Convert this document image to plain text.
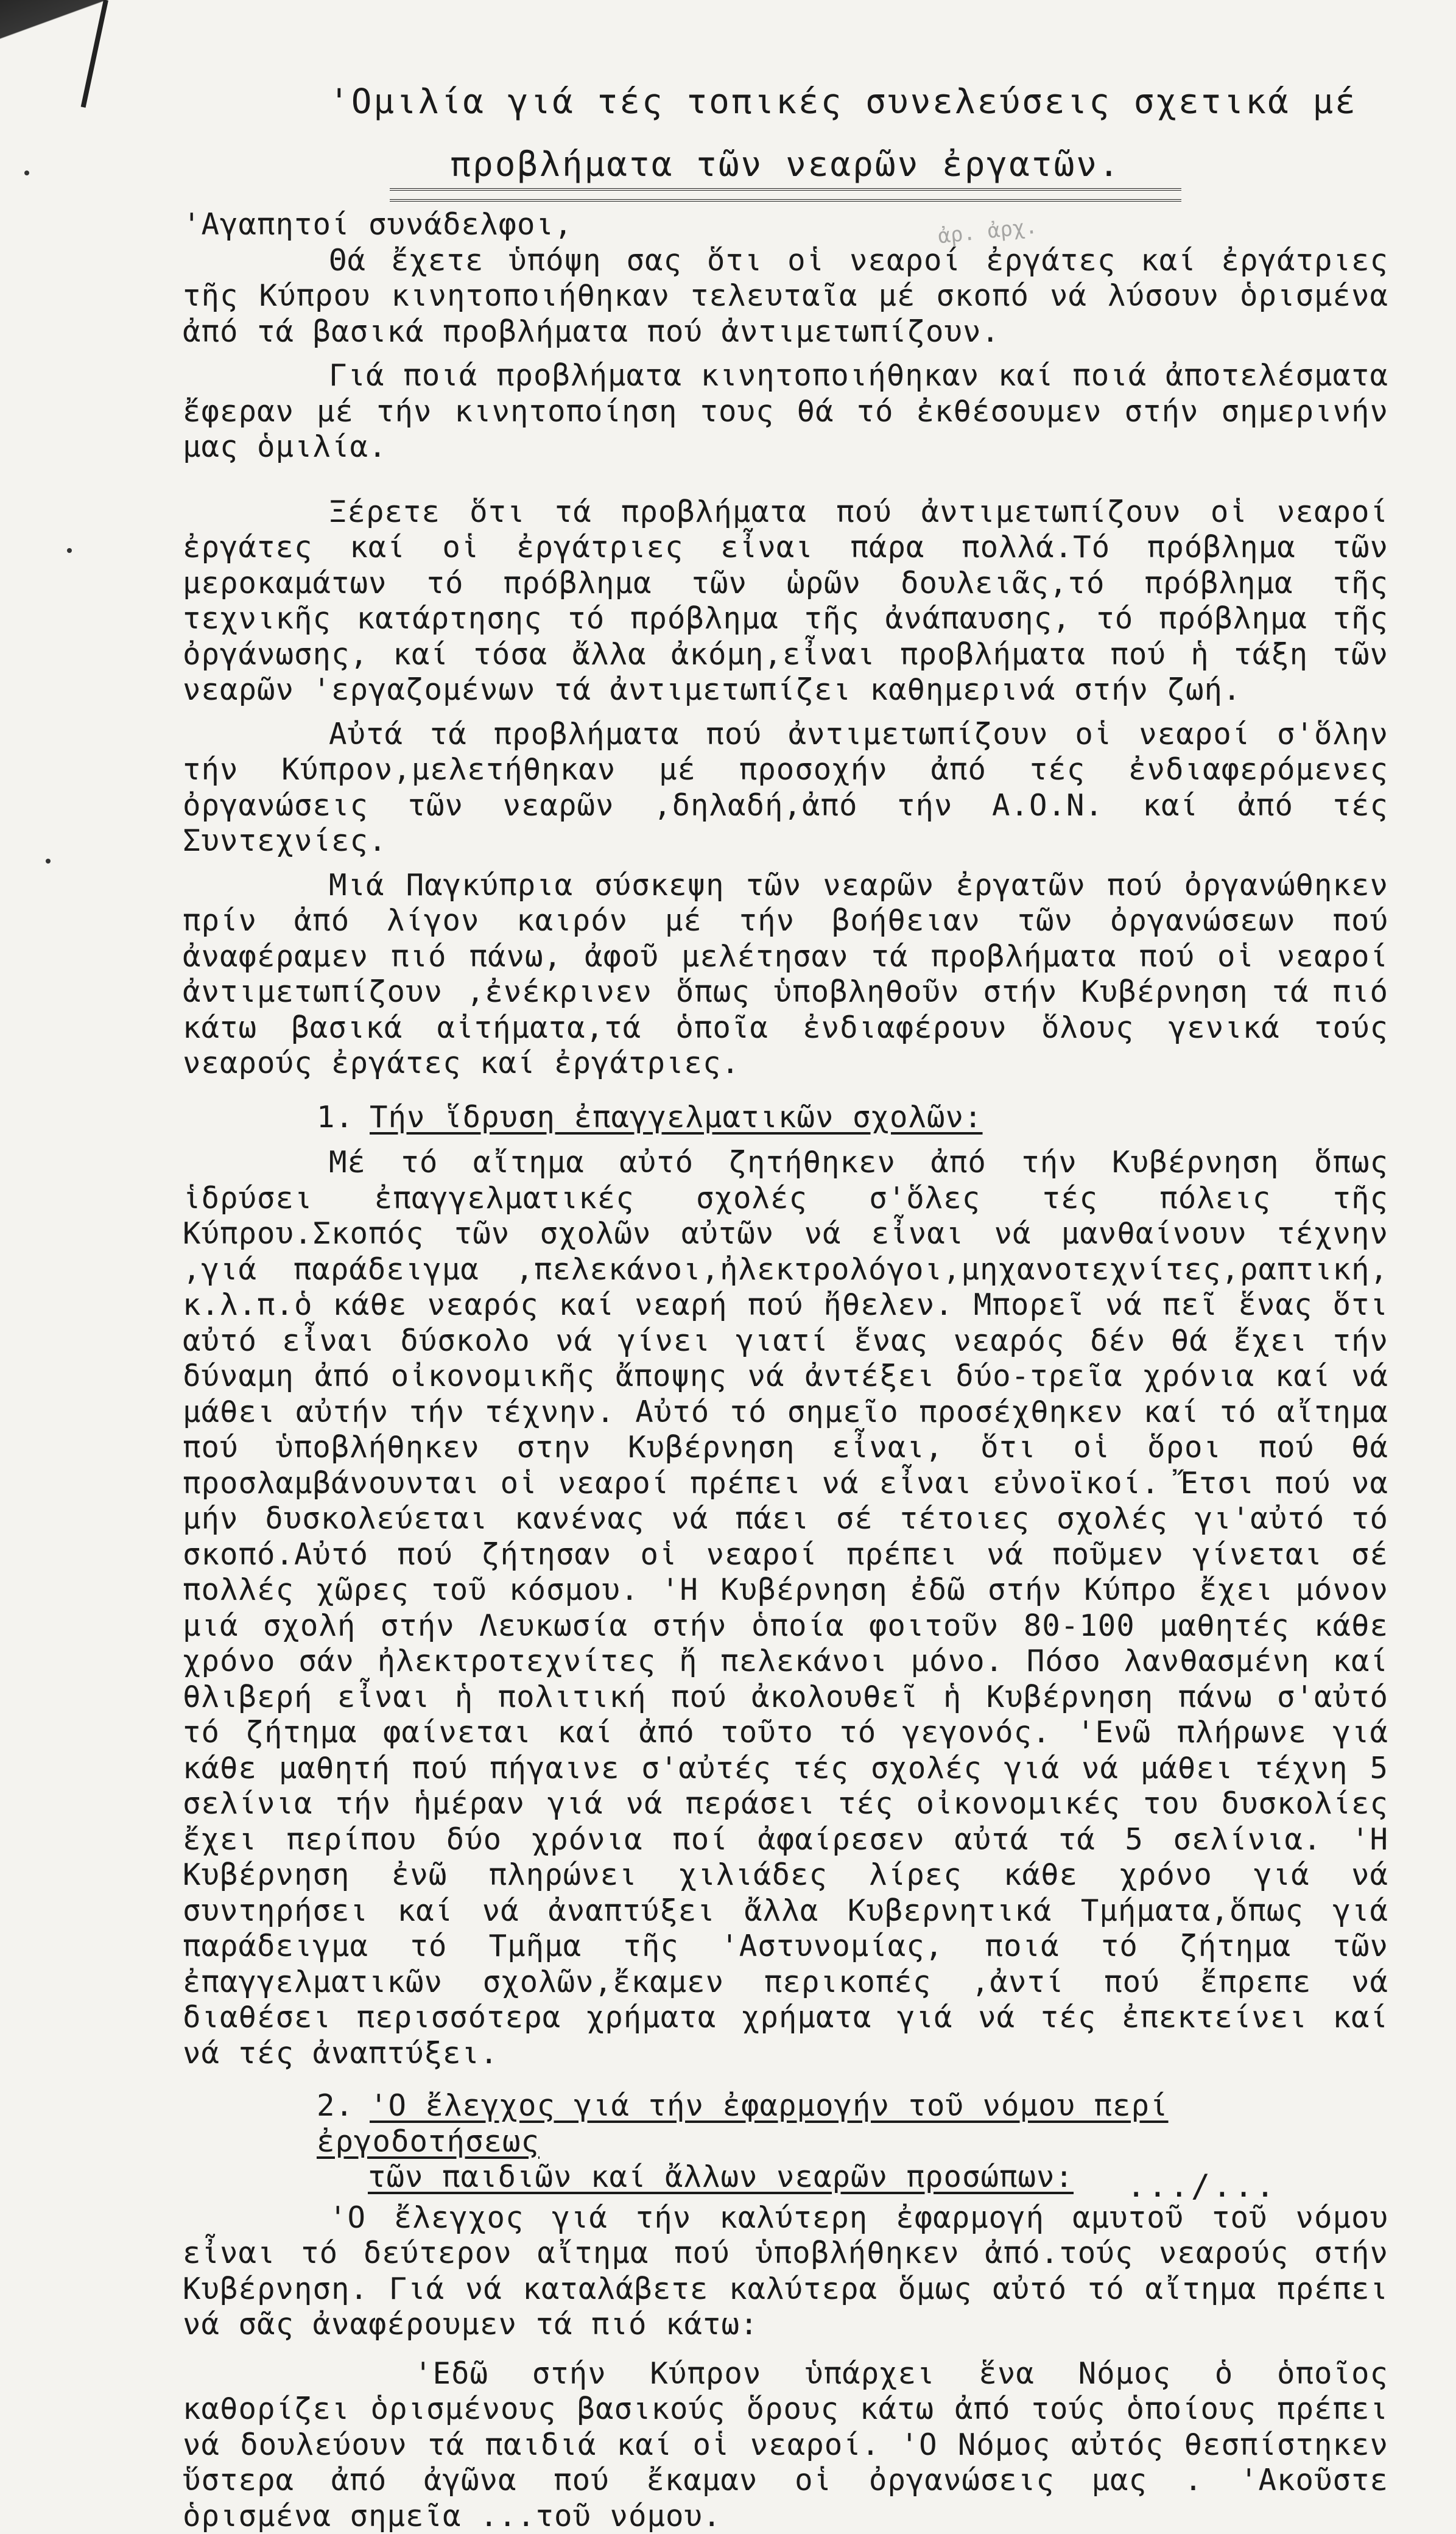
ἀρ. ἀρχ.
'Ομιλία γιά τές τοπικές συνελεύσεις σχετικά μέ
προβλήματα τῶν νεαρῶν ἐργατῶν.

'Αγαπητοί συνάδελφοι,

Θά ἔχετε ὑπόψη σας ὅτι οἱ νεαροί ἐργάτες καί ἐργάτριες τῆς Κύπρου κινητοποιήθηκαν τελευταῖα μέ σκοπό νά λύσουν ὁρισμένα ἀπό τά βασικά προβλήματα πού ἀντιμετωπίζουν.

Γιά ποιά προβλήματα κινητοποιήθηκαν καί ποιά ἀποτελέσματα ἔφεραν μέ τήν κινητοποίηση τους θά τό ἐκθέσουμεν στήν σημερινήν μας ὁμιλία.

Ξέρετε ὅτι τά προβλήματα πού ἀντιμετωπίζουν οἱ νεαροί ἐργάτες καί οἱ ἐργάτριες εἶναι πάρα πολλά.Τό πρόβλημα τῶν μεροκαμάτων τό πρόβλημα τῶν ὡρῶν δουλειᾶς,τό πρόβλημα τῆς τεχνικῆς κατάρτησης τό πρόβλημα τῆς ἀνάπαυσης, τό πρόβλημα τῆς ὀργάνωσης, καί τόσα ἄλλα ἀκόμη,εἶναι προβλήματα πού ἡ τάξη τῶν νεαρῶν 'εργαζομένων τά ἀντιμετωπίζει καθημερινά στήν ζωή.

Αὐτά τά προβλήματα πού ἀντιμετωπίζουν οἱ νεαροί σ'ὅλην τήν Κύπρον,μελετήθηκαν μέ προσοχήν ἀπό τές ἐνδιαφερόμενες ὀργανώσεις τῶν νεαρῶν ,δηλαδή,ἀπό τήν Α.Ο.Ν. καί ἀπό τές Συντεχνίες.

Μιά Παγκύπρια σύσκεψη τῶν νεαρῶν ἐργατῶν πού ὀργανώθηκεν πρίν ἀπό λίγον καιρόν μέ τήν βοήθειαν τῶν ὀργανώσεων πού ἀναφέραμεν πιό πάνω, ἀφοῦ μελέτησαν τά προβλήματα πού οἱ νεαροί ἀντιμετωπίζουν ,ἐνέκρινεν ὅπως ὑποβληθοῦν στήν Κυβέρνηση τά πιό κάτω βασικά αἰτήματα,τά ὁποῖα ἐνδιαφέρουν ὅλους γενικά τούς νεαρούς ἐργάτες καί ἐργάτριες.

1. Τήν ἵδρυση ἐπαγγελματικῶν σχολῶν:

Μέ τό αἴτημα αὐτό ζητήθηκεν ἀπό τήν Κυβέρνηση ὅπως ἱδρύσει ἐπαγγελματικές σχολές σ'ὅλες τές πόλεις τῆς Κύπρου.Σκοπός τῶν σχολῶν αὐτῶν νά εἶναι νά μανθαίνουν τέχνην ,γιά παράδειγμα ,πελεκάνοι,ἠλεκτρολόγοι,μηχανοτεχνίτες,ραπτική, κ.λ.π.ὁ κάθε νεαρός καί νεαρή πού ἤθελεν. Μπορεῖ νά πεῖ ἕνας ὅτι αὐτό εἶναι δύσκολο νά γίνει γιατί ἕνας νεαρός δέν θά ἔχει τήν δύναμη ἀπό οἰκονομικῆς ἄποψης νά ἀντέξει δύο-τρεῖα χρόνια καί νά μάθει αὐτήν τήν τέχνην. Αὐτό τό σημεῖο προσέχθηκεν καί τό αἴτημα πού ὑποβλήθηκεν στην Κυβέρνηση εἶναι, ὅτι οἱ ὅροι πού θά προσλαμβάνουνται οἱ νεαροί πρέπει νά εἶναι εὐνοϊκοί. Ἔτσι πού να μήν δυσκολεύεται κανένας νά πάει σέ τέτοιες σχολές γι'αὐτό τό σκοπό.Αὐτό πού ζήτησαν οἱ νεαροί πρέπει νά ποῦμεν γίνεται σέ πολλές χῶρες τοῦ κόσμου. 'Η Κυβέρνηση ἐδῶ στήν Κύπρο ἔχει μόνον μιά σχολή στήν Λευκωσία στήν ὁποία φοιτοῦν 80-100 μαθητές κάθε χρόνο σάν ἠλεκτροτεχνίτες ἤ πελεκάνοι μόνο. Πόσο λανθασμένη καί θλιβερή εἶναι ἡ πολιτική πού ἀκολουθεῖ ἡ Κυβέρνηση πάνω σ'αὐτό τό ζήτημα φαίνεται καί ἀπό τοῦτο τό γεγονός. 'Ενῶ πλήρωνε γιά κάθε μαθητή πού πήγαινε σ'αὐτές τές σχολές γιά νά μάθει τέχνη 5 σελίνια τήν ἡμέραν γιά νά περάσει τές οἰκονομικές του δυσκολίες ἔχει περίπου δύο χρόνια ποί ἀφαίρεσεν αὐτά τά 5 σελίνια. 'Η Κυβέρνηση ἐνῶ πληρώνει χιλιάδες λίρες κάθε χρόνο γιά νά συντηρήσει καί νά ἀναπτύξει ἄλλα Κυβερνητικά Τμήματα,ὅπως γιά παράδειγμα τό Τμῆμα τῆς 'Αστυνομίας, ποιά τό ζήτημα τῶν ἐπαγγελματικῶν σχολῶν,ἔκαμεν περικοπές ,ἀντί πού ἔπρεπε νά διαθέσει περισσότερα χρήματα χρήματα γιά νά τές ἐπεκτείνει καί νά τές ἀναπτύξει.

2. 'Ο ἔλεγχος γιά τήν ἐφαρμογήν τοῦ νόμου περί ἐργοδοτήσεως
τῶν παιδιῶν καί ἄλλων νεαρῶν προσώπων:

'Ο ἔλεγχος γιά τήν καλύτερη ἐφαρμογή αμυτοῦ τοῦ νόμου εἶναι τό δεύτερον αἴτημα πού ὑποβλήθηκεν ἀπό.τούς νεαρούς στήν Κυβέρνηση. Γιά νά καταλάβετε καλύτερα ὅμως αὐτό τό αἴτημα πρέπει νά σᾶς ἀναφέρουμεν τά πιό κάτω:

'Εδῶ στήν Κύπρον ὑπάρχει ἕνα Νόμος ὁ ὁποῖος καθορίζει ὁρισμένους βασικούς ὅρους κάτω ἀπό τούς ὁποίους πρέπει νά δουλεύουν τά παιδιά καί οἱ νεαροί. 'Ο Νόμος αὐτός θεσπίστηκεν ὕστερα ἀπό ἀγῶνα πού ἔκαμαν οἱ ὀργανώσεις μας . 'Ακοῦστε ὁρισμένα σημεῖα ...τοῦ νόμου.

.../...
